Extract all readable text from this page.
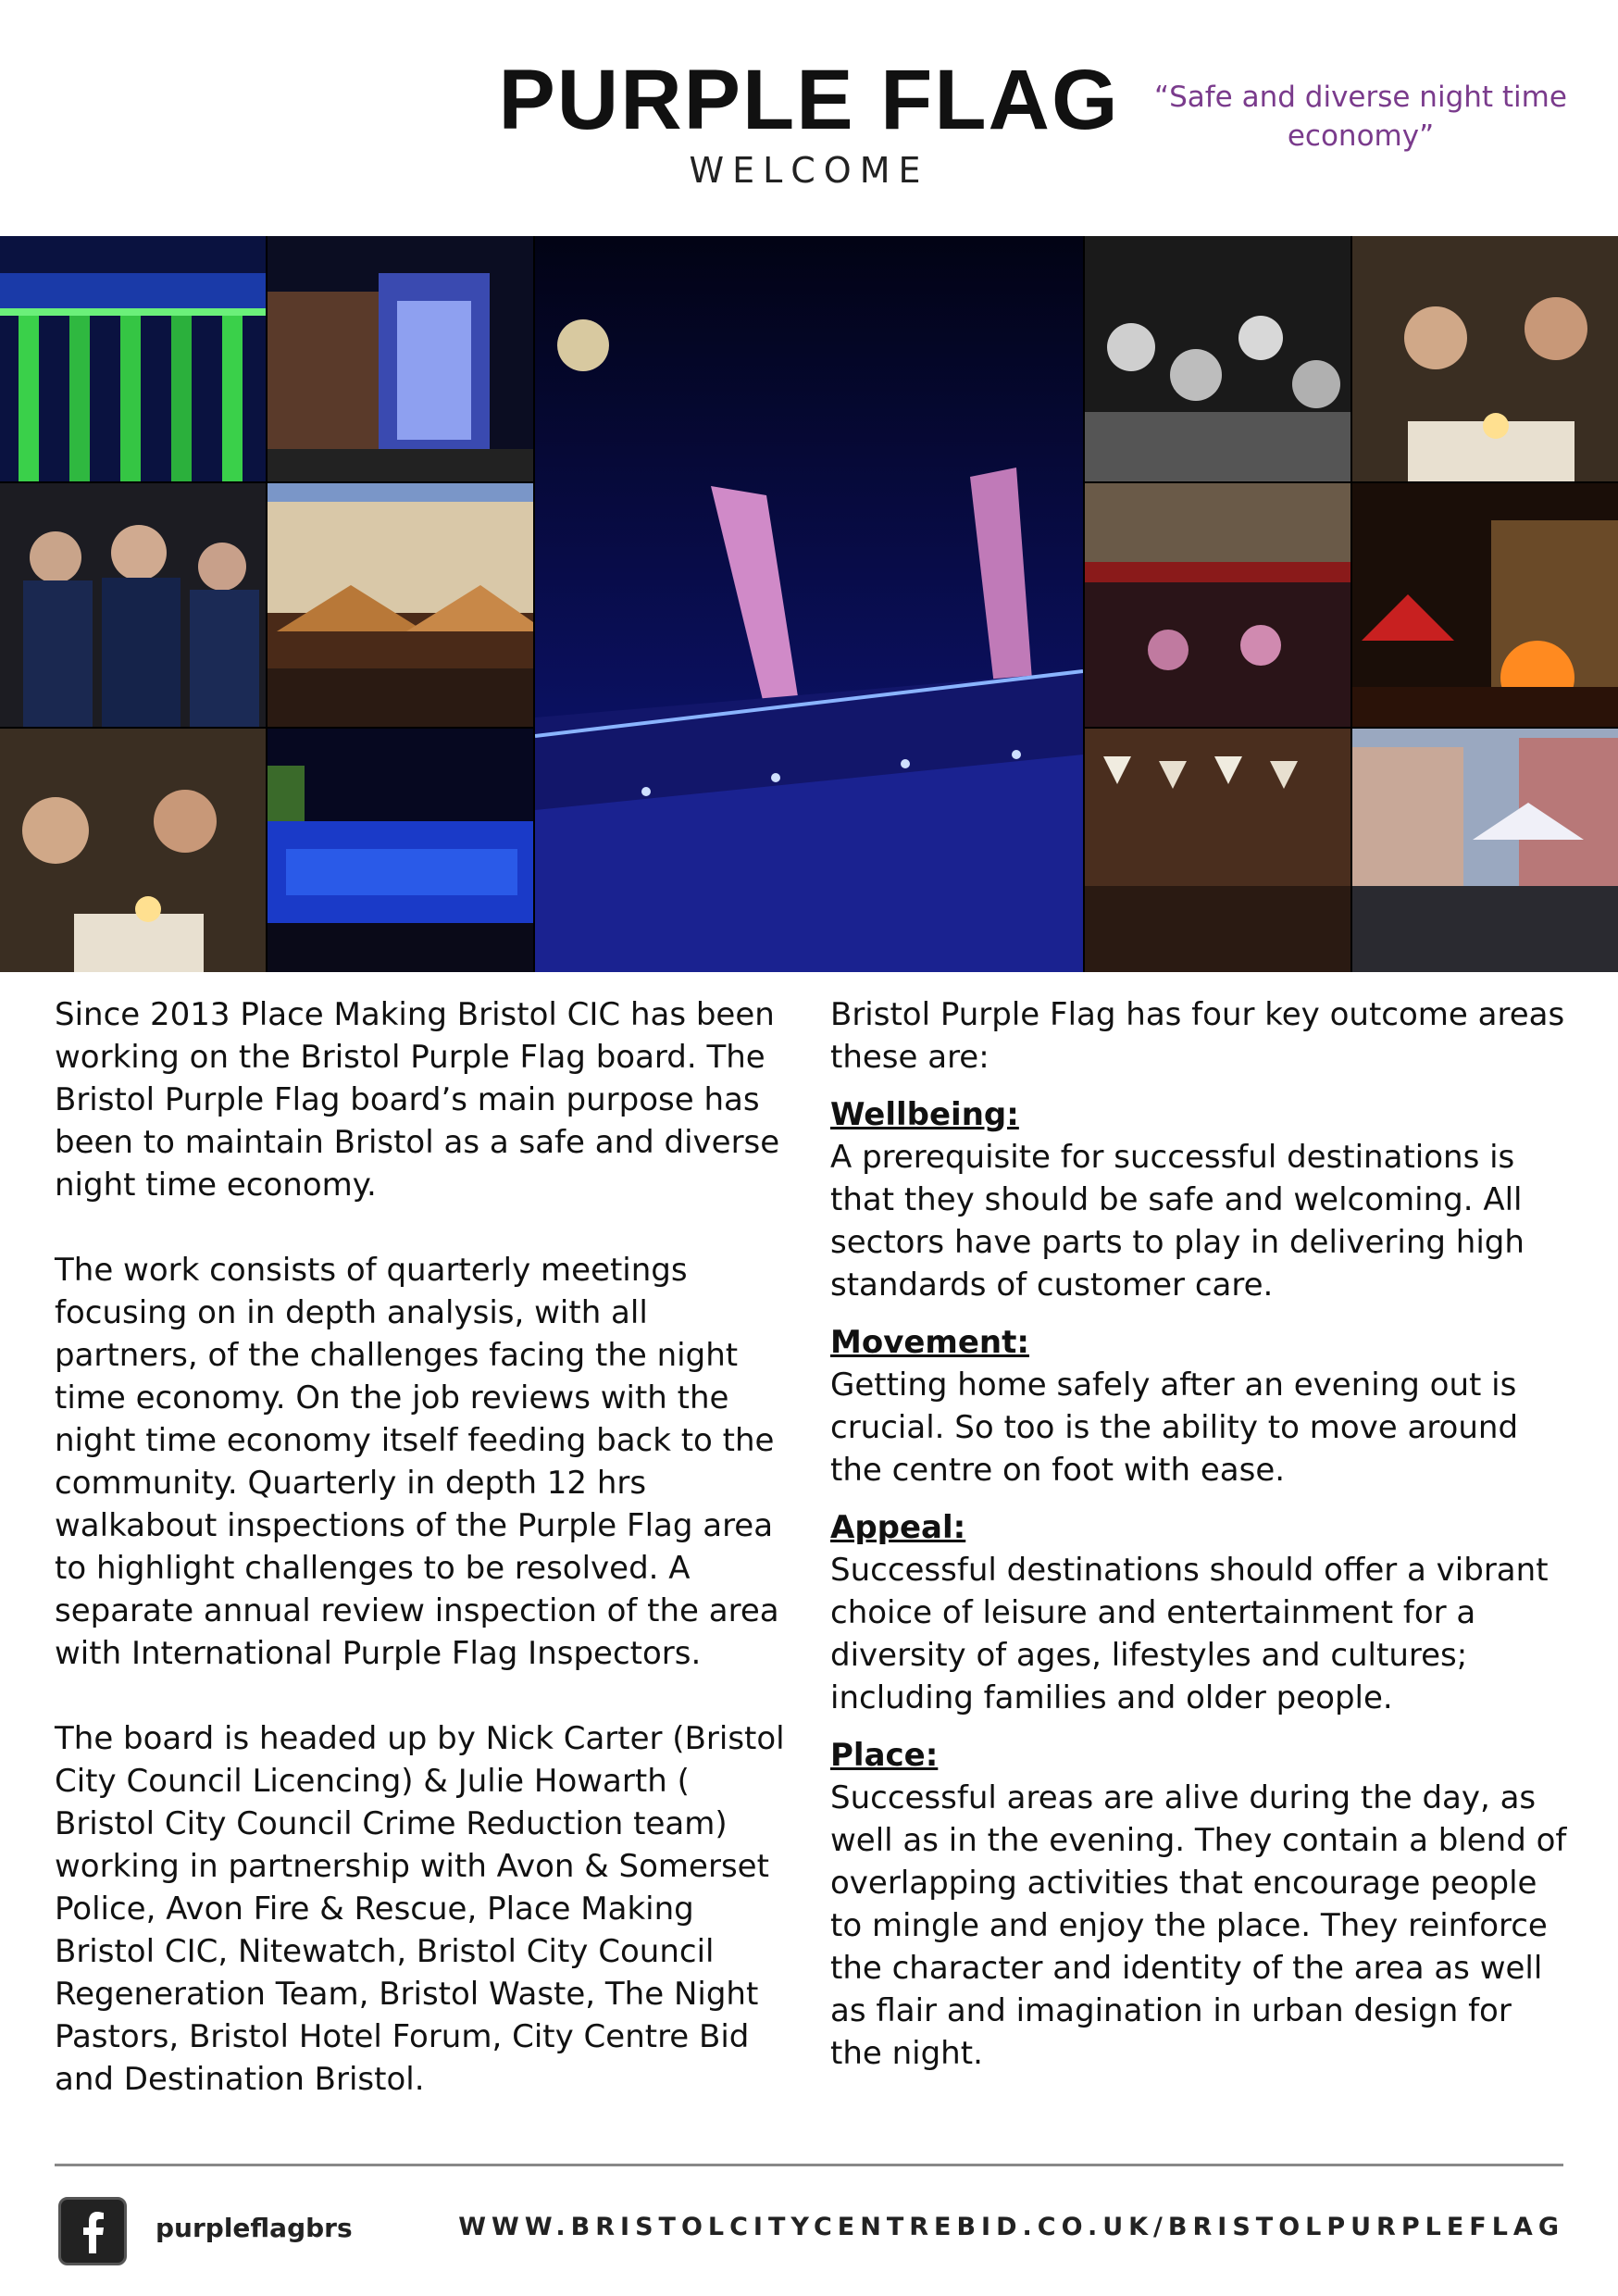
PURPLE FLAG
WELCOME
“Safe and diverse night time economy”

Since 2013 Place Making Bristol CIC has been working on the Bristol Purple Flag board. The Bristol Purple Flag board’s main purpose has been to maintain Bristol as a safe and diverse night time economy.

The work consists of quarterly meetings focusing on in depth analysis, with all partners, of the challenges facing the night time economy. On the job reviews with the night time economy itself feeding back to the community. Quarterly in depth 12 hrs walkabout inspections of the Purple Flag area to highlight challenges to be resolved. A separate annual review inspection of the area with International Purple Flag Inspectors.

The board is headed up by Nick Carter (Bristol City Council Licencing) & Julie Howarth ( Bristol City Council Crime Reduction team) working in partnership with Avon & Somerset Police, Avon Fire & Rescue, Place Making Bristol CIC, Nitewatch, Bristol City Council Regeneration Team, Bristol Waste, The Night Pastors, Bristol Hotel Forum, City Centre Bid and Destination Bristol.

Bristol Purple Flag has four key outcome areas these are:

Wellbeing:

A prerequisite for successful destinations is that they should be safe and welcoming. All sectors have parts to play in delivering high standards of customer care.

Movement:

Getting home safely after an evening out is crucial. So too is the ability to move around the centre on foot with ease.

Appeal:

Successful destinations should offer a vibrant choice of leisure and entertainment for a diversity of ages, lifestyles and cultures; including families and older people.

Place:

Successful areas are alive during the day, as well as in the evening. They contain a blend of overlapping activities that encourage people to mingle and enjoy the place. They reinforce the character and identity of the area as well as flair and imagination in urban design for the night.

purpleflagbrs	WWW.BRISTOLCITYCENTREBID.CO.UK/BRISTOLPURPLEFLAG
